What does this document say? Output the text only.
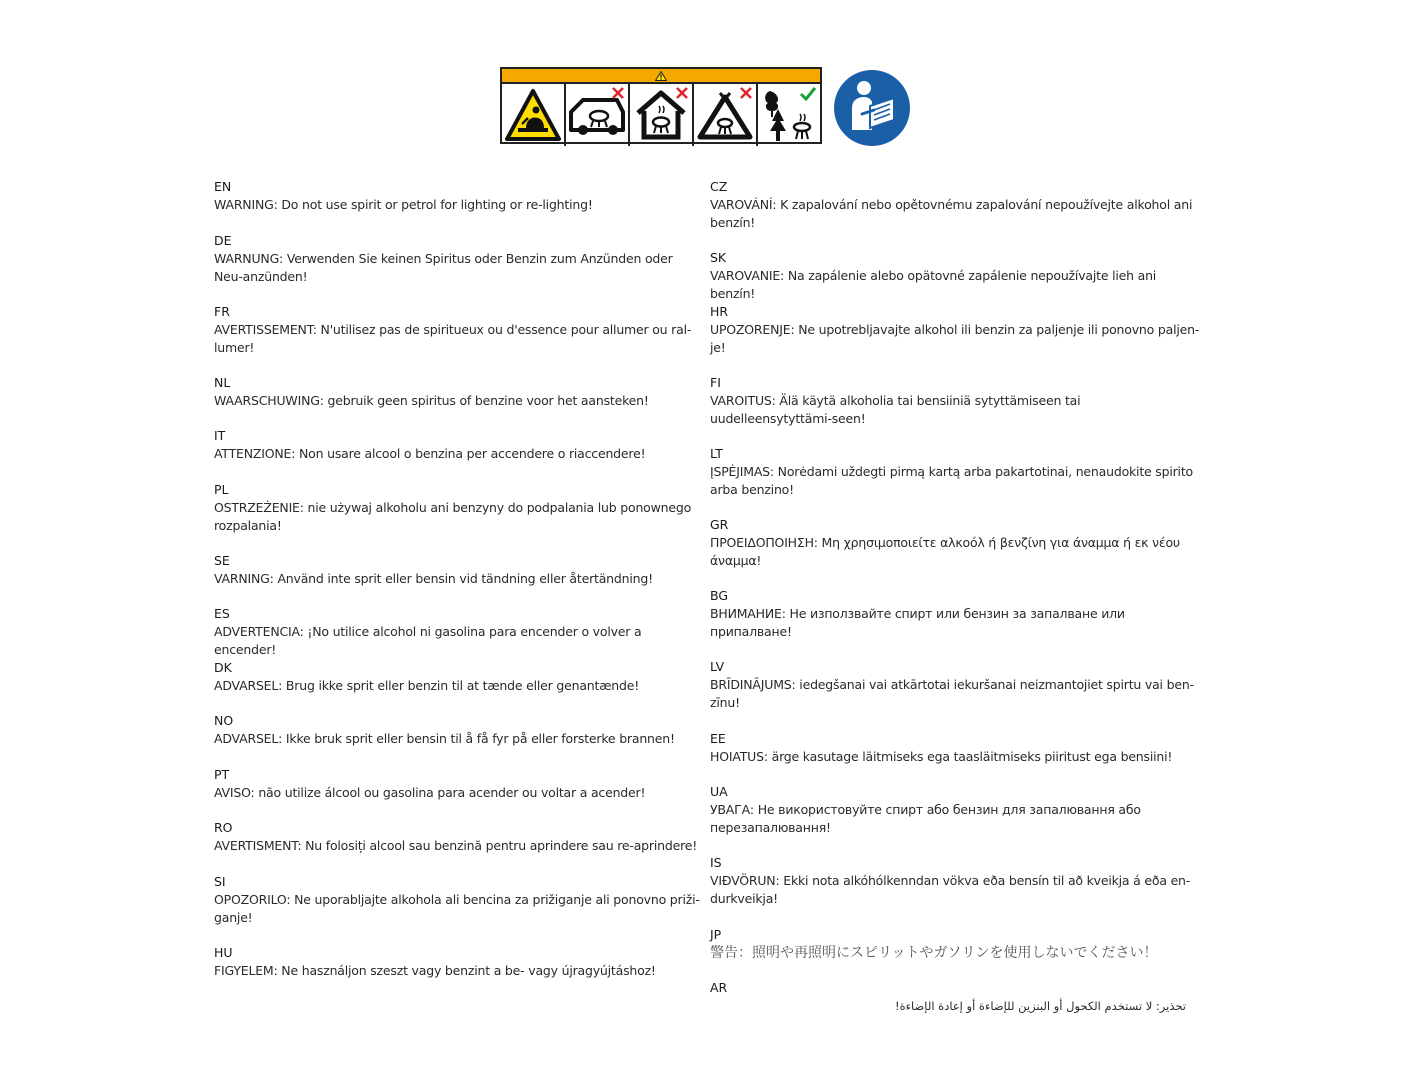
EN
WARNING: Do not use spirit or petrol for lighting or re-lighting!
DE
WARNUNG: Verwenden Sie keinen Spiritus oder Benzin zum Anzünden oder Neu-anzünden!
FR
AVERTISSEMENT: N'utilisez pas de spiritueux ou d'essence pour allumer ou ral-lumer!
NL
WAARSCHUWING: gebruik geen spiritus of benzine voor het aansteken!
IT
ATTENZIONE: Non usare alcool o benzina per accendere o riaccendere!
PL
OSTRZEŻENIE: nie używaj alkoholu ani benzyny do podpalania lub ponownego rozpalania!
SE
VARNING: Använd inte sprit eller bensin vid tändning eller återtändning!
ES
ADVERTENCIA: ¡No utilice alcohol ni gasolina para encender o volver a encender!
DK
ADVARSEL: Brug ikke sprit eller benzin til at tænde eller genantænde!
NO
ADVARSEL: Ikke bruk sprit eller bensin til å få fyr på eller forsterke brannen!
PT
AVISO: não utilize álcool ou gasolina para acender ou voltar a acender!
RO
AVERTISMENT: Nu folosiți alcool sau benzină pentru aprindere sau re-aprindere!
SI
OPOZORILO: Ne uporabljajte alkohola ali bencina za prižiganje ali ponovno priži-ganje!
HU
FIGYELEM: Ne használjon szeszt vagy benzint a be- vagy újragyújtáshoz!
CZ
VAROVÁNÍ: K zapalování nebo opětovnému zapalování nepoužívejte alkohol ani benzín!
SK
VAROVANIE: Na zapálenie alebo opätovné zapálenie nepoužívajte lieh ani benzín!
HR
UPOZORENJE: Ne upotrebljavajte alkohol ili benzin za paljenje ili ponovno paljen-je!
FI
VAROITUS: Älä käytä alkoholia tai bensiiniä sytyttämiseen tai uudelleensytyttämi-seen!
LT
ĮSPĖJIMAS: Norėdami uždegti pirmą kartą arba pakartotinai, nenaudokite spirito arba benzino!
GR
ΠΡΟΕΙΔΟΠΟΙΗΣΗ: Μη χρησιμοποιείτε αλκοόλ ή βενζίνη για άναμμα ή εκ νέου άναμμα!
BG
ВНИМАНИЕ: Не използвайте спирт или бензин за запалване или припалване!
LV
BRĪDINĀJUMS: iedegšanai vai atkārtotai iekuršanai neizmantojiet spirtu vai ben-zīnu!
EE
HOIATUS: ärge kasutage läitmiseks ega taasläitmiseks piiritust ega bensiini!
UA
УВАГА: Не використовуйте спирт або бензин для запалювання або перезапалювання!
IS
VIÐVÖRUN: Ekki nota alkóhólkenndan vökva eða bensín til að kveikja á eða en-durkveikja!
JP
警告：照明や再照明にスピリットやガソリンを使用しないでください！
AR
تحذير: لا تستخدم الكحول أو البنزين للإضاءة أو إعادة الإضاءة!
